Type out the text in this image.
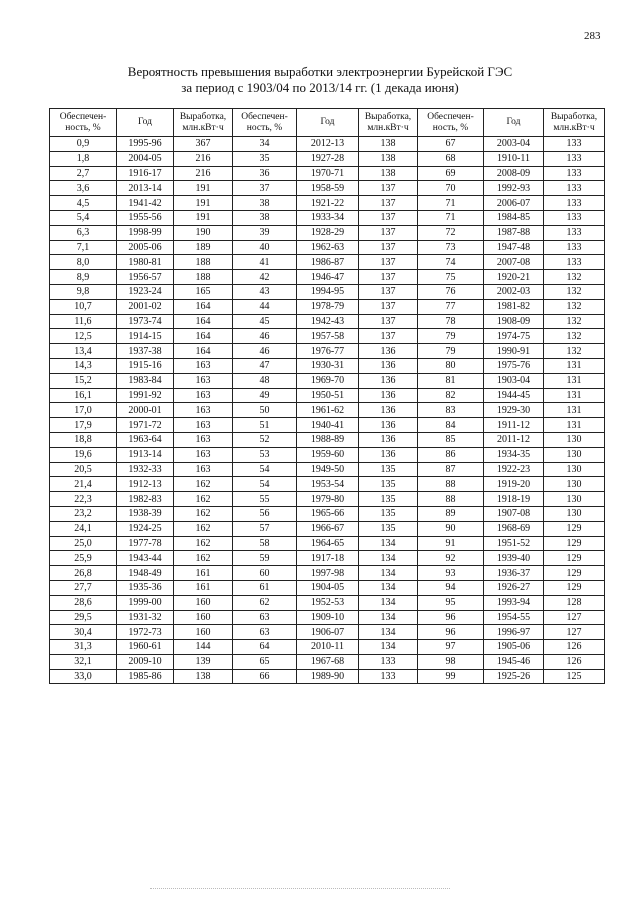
283
Вероятность превышения выработки электроэнергии Бурейской ГЭС
за период с 1903/04 по 2013/14 гг. (1 декада июня)
Обеспечен-ность, %	Год	Выработка, млн.кВт·ч	Обеспечен-ность, %	Год	Выработка, млн.кВт·ч	Обеспечен-ность, %	Год	Выработка, млн.кВт·ч
0,9	1995-96	367	34	2012-13	138	67	2003-04	133
1,8	2004-05	216	35	1927-28	138	68	1910-11	133
2,7	1916-17	216	36	1970-71	138	69	2008-09	133
3,6	2013-14	191	37	1958-59	137	70	1992-93	133
4,5	1941-42	191	38	1921-22	137	71	2006-07	133
5,4	1955-56	191	38	1933-34	137	71	1984-85	133
6,3	1998-99	190	39	1928-29	137	72	1987-88	133
7,1	2005-06	189	40	1962-63	137	73	1947-48	133
8,0	1980-81	188	41	1986-87	137	74	2007-08	133
8,9	1956-57	188	42	1946-47	137	75	1920-21	132
9,8	1923-24	165	43	1994-95	137	76	2002-03	132
10,7	2001-02	164	44	1978-79	137	77	1981-82	132
11,6	1973-74	164	45	1942-43	137	78	1908-09	132
12,5	1914-15	164	46	1957-58	137	79	1974-75	132
13,4	1937-38	164	46	1976-77	136	79	1990-91	132
14,3	1915-16	163	47	1930-31	136	80	1975-76	131
15,2	1983-84	163	48	1969-70	136	81	1903-04	131
16,1	1991-92	163	49	1950-51	136	82	1944-45	131
17,0	2000-01	163	50	1961-62	136	83	1929-30	131
17,9	1971-72	163	51	1940-41	136	84	1911-12	131
18,8	1963-64	163	52	1988-89	136	85	2011-12	130
19,6	1913-14	163	53	1959-60	136	86	1934-35	130
20,5	1932-33	163	54	1949-50	135	87	1922-23	130
21,4	1912-13	162	54	1953-54	135	88	1919-20	130
22,3	1982-83	162	55	1979-80	135	88	1918-19	130
23,2	1938-39	162	56	1965-66	135	89	1907-08	130
24,1	1924-25	162	57	1966-67	135	90	1968-69	129
25,0	1977-78	162	58	1964-65	134	91	1951-52	129
25,9	1943-44	162	59	1917-18	134	92	1939-40	129
26,8	1948-49	161	60	1997-98	134	93	1936-37	129
27,7	1935-36	161	61	1904-05	134	94	1926-27	129
28,6	1999-00	160	62	1952-53	134	95	1993-94	128
29,5	1931-32	160	63	1909-10	134	96	1954-55	127
30,4	1972-73	160	63	1906-07	134	96	1996-97	127
31,3	1960-61	144	64	2010-11	134	97	1905-06	126
32,1	2009-10	139	65	1967-68	133	98	1945-46	126
33,0	1985-86	138	66	1989-90	133	99	1925-26	125
